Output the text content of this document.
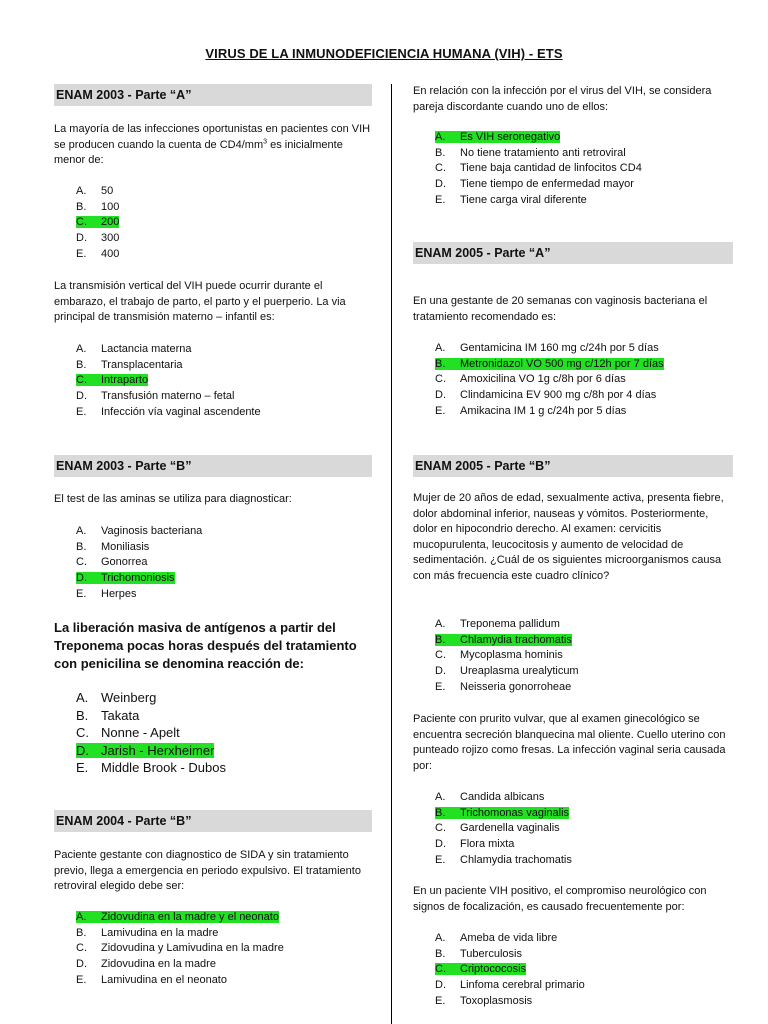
VIRUS DE LA INMUNODEFICIENCIA HUMANA (VIH) - ETS
ENAM 2003 - Parte “A”
La mayoría de las infecciones oportunistas en pacientes con VIH se producen cuando la cuenta de $CD4/mm^3$ es inicialmente menor de:
A. 50
B. 100
C. 200
D. 300
E. 400
La transmisión vertical del VIH puede ocurrir durante el embarazo, el trabajo de parto, el parto y el puerperio. La via principal de transmisión materno – infantil es:
A. Lactancia materna
B. Transplacentaria
C. Intraparto
D. Transfusión materno – fetal
E. Infección vía vaginal ascendente
ENAM 2003 - Parte “B”
El test de las aminas se utiliza para diagnosticar:
A. Vaginosis bacteriana
B. Moniliasis
C. Gonorrea
D. Trichomoniosis
E. Herpes
La liberación masiva de antígenos a partir del Treponema pocas horas después del tratamiento con penicilina se denomina reacción de:
A. Weinberg
B. Takata
C. Nonne - Apelt
D. Jarish - Herxheimer
E. Middle Brook - Dubos
ENAM 2004 - Parte “B”
Paciente gestante con diagnostico de SIDA y sin tratamiento previo, llega a emergencia en periodo expulsivo. El tratamiento retroviral elegido debe ser:
A. Zidovudina en la madre y el neonato
B. Lamivudina en la madre
C. Zidovudina y Lamivudina en la madre
D. Zidovudina en la madre
E. Lamivudina en el neonato
En relación con la infección por el virus del VIH, se considera pareja discordante cuando uno de ellos:
A. Es VIH seronegativo
B. No tiene tratamiento anti retroviral
C. Tiene baja cantidad de linfocitos CD4
D. Tiene tiempo de enfermedad mayor
E. Tiene carga viral diferente
ENAM 2005 - Parte “A”
En una gestante de 20 semanas con vaginosis bacteriana el tratamiento recomendado es:
A. Gentamicina IM 160 mg c/24h por 5 días
B. Metronidazol VO 500 mg c/12h por 7 días
C. Amoxicilina VO 1g c/8h por 6 días
D. Clindamicina EV 900 mg c/8h por 4 días
E. Amikacina IM 1 g c/24h por 5 días
ENAM 2005 - Parte “B”
Mujer de 20 años de edad, sexualmente activa, presenta fiebre, dolor abdominal inferior, nauseas y vómitos. Posteriormente, dolor en hipocondrio derecho. Al examen: cervicitis mucopurulenta, leucocitosis y aumento de velocidad de sedimentación. ¿Cuál de os siguientes microorganismos causa con más frecuencia este cuadro clínico?
A. Treponema pallidum
B. Chlamydia trachomatis
C. Mycoplasma hominis
D. Ureaplasma urealyticum
E. Neisseria gonorroheae
Paciente con prurito vulvar, que al examen ginecológico se encuentra secreción blanquecina mal oliente. Cuello uterino con punteado rojizo como fresas. La infección vaginal seria causada por:
A. Candida albicans
B. Trichomonas vaginalis
C. Gardenella vaginalis
D. Flora mixta
E. Chlamydia trachomatis
En un paciente VIH positivo, el compromiso neurológico con signos de focalización, es causado frecuentemente por:
A. Ameba de vida libre
B. Tuberculosis
C. Criptococosis
D. Linfoma cerebral primario
E. Toxoplasmosis
